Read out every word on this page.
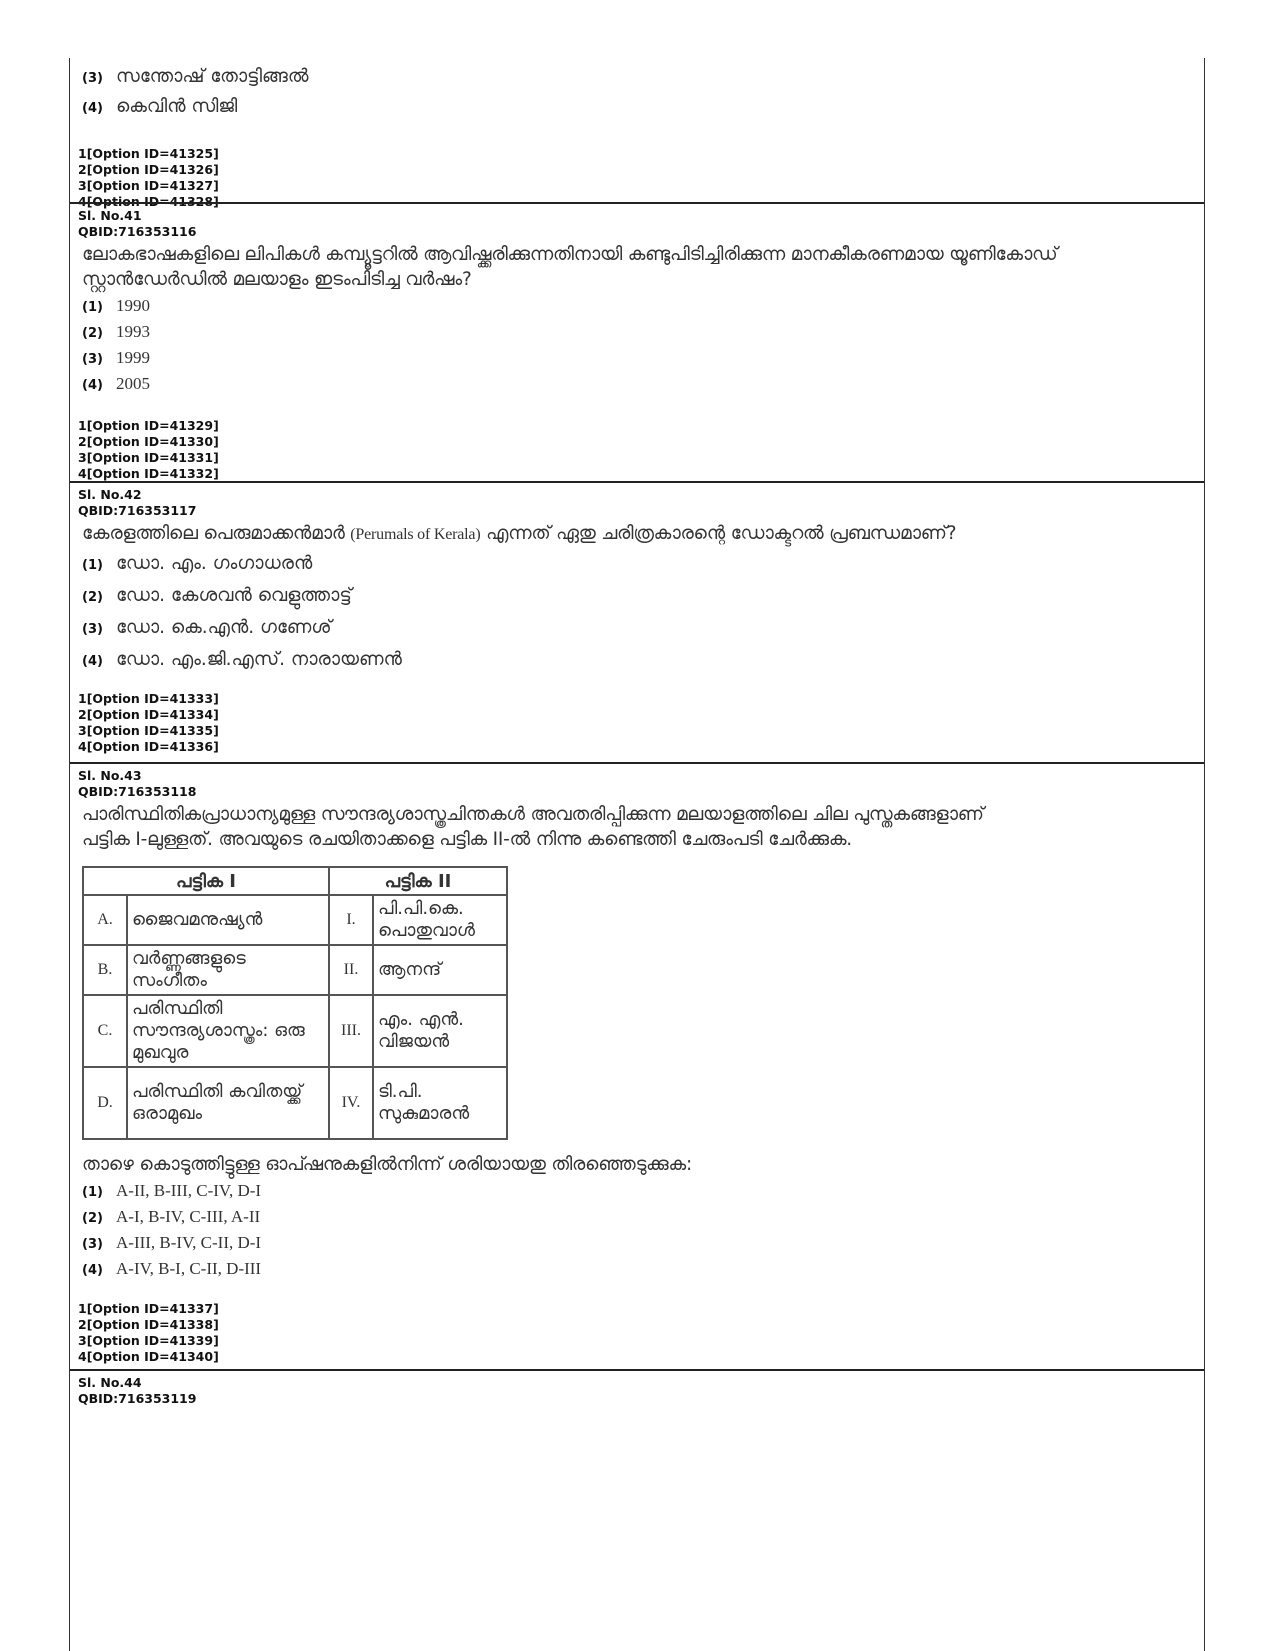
(3) സന്തോഷ് തോട്ടിങ്ങൽ
(4) കെവിൻ സിജി
1[Option ID=41325]
2[Option ID=41326]
3[Option ID=41327]
4[Option ID=41328]
Sl. No.41
QBID:716353116
ലോകഭാഷകളിലെ ലിപികൾ കമ്പ്യൂട്ടറിൽ ആവിഷ്ക്കരിക്കുന്നതിനായി കണ്ടുപിടിച്ചിരിക്കുന്ന മാനകീകരണമായ യൂണികോഡ് സ്റ്റാൻഡേർഡിൽ മലയാളം ഇടംപിടിച്ച വർഷം?
(1) 1990
(2) 1993
(3) 1999
(4) 2005
1[Option ID=41329]
2[Option ID=41330]
3[Option ID=41331]
4[Option ID=41332]
Sl. No.42
QBID:716353117
കേരളത്തിലെ പെരുമാക്കൻമാർ (Perumals of Kerala) എന്നത് ഏതു ചരിത്രകാരന്റെ ഡോക്ടറൽ പ്രബന്ധമാണ്?
(1) ഡോ. എം. ഗംഗാധരൻ
(2) ഡോ. കേശവൻ വെളുത്താട്ട്
(3) ഡോ. കെ.എൻ. ഗണേശ്
(4) ഡോ. എം.ജി.എസ്. നാരായണൻ
1[Option ID=41333]
2[Option ID=41334]
3[Option ID=41335]
4[Option ID=41336]
Sl. No.43
QBID:716353118
പാരിസ്ഥിതികപ്രാധാന്യമുള്ള സൗന്ദര്യശാസ്ത്രചിന്തകൾ അവതരിപ്പിക്കുന്ന മലയാളത്തിലെ ചില പുസ്തകങ്ങളാണ്
പട്ടിക I-ലുള്ളത്. അവയുടെ രചയിതാക്കളെ പട്ടിക II-ൽ നിന്നു കണ്ടെത്തി ചേരുംപടി ചേർക്കുക.
പട്ടിക I		പട്ടിക II	
A.	ജൈവമനുഷ്യൻ	I.	പി.പി.കെ. പൊതുവാൾ
B.	വർണ്ണങ്ങളുടെ സംഗീതം	II.	ആനന്ദ്
C.	പരിസ്ഥിതി സൗന്ദര്യശാസ്ത്രം: ഒരു മുഖവുര	III.	എം. എൻ. വിജയൻ
D.	പരിസ്ഥിതി കവിതയ്ക്ക് ഒരാമുഖം	IV.	ടി.പി. സുകുമാരൻ
താഴെ കൊടുത്തിട്ടുള്ള ഓപ്ഷനുകളിൽനിന്ന് ശരിയായതു തിരഞ്ഞെടുക്കുക:
(1) A-II, B-III, C-IV, D-I
(2) A-I, B-IV, C-III, A-II
(3) A-III, B-IV, C-II, D-I
(4) A-IV, B-I, C-II, D-III
1[Option ID=41337]
2[Option ID=41338]
3[Option ID=41339]
4[Option ID=41340]
Sl. No.44
QBID:716353119
